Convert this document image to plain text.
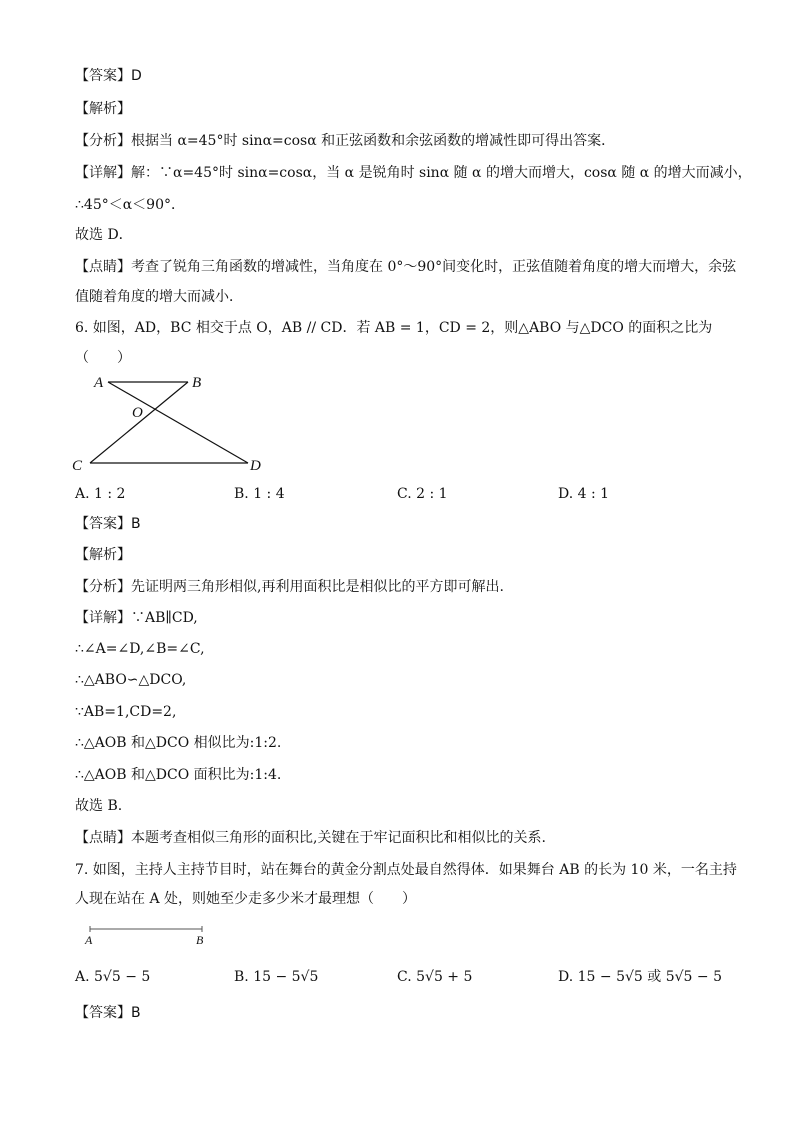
【答案】D
【解析】
【分析】根据当 α=45°时 sinα=cosα 和正弦函数和余弦函数的增减性即可得出答案．
【详解】解：∵α=45°时 sinα=cosα，当 α 是锐角时 sinα 随 α 的增大而增大，cosα 随 α 的增大而减小，
∴45°＜α＜90°．
故选 D．
【点睛】考查了锐角三角函数的增减性，当角度在 0°～90°间变化时，正弦值随着角度的增大而增大，余弦
值随着角度的增大而减小．
6. 如图，AD，BC 相交于点 O，AB // CD．若 AB = 1，CD = 2，则△ABO 与△DCO 的面积之比为
（　　）
A	B
O
C	D
A. 1 : 2	B. 1 : 4	C. 2 : 1	D. 4 : 1
【答案】B
【解析】
【分析】先证明两三角形相似,再利用面积比是相似比的平方即可解出.
【详解】∵AB∥CD,
∴∠A=∠D,∠B=∠C,
∴△ABO∽△DCO,
∵AB=1,CD=2,
∴△AOB 和△DCO 相似比为:1:2.
∴△AOB 和△DCO 面积比为:1:4.
故选 B.
【点睛】本题考查相似三角形的面积比,关键在于牢记面积比和相似比的关系.
7. 如图，主持人主持节目时，站在舞台的黄金分割点处最自然得体．如果舞台 AB 的长为 10 米，一名主持
人现在站在 A 处，则她至少走多少米才最理想（　　）
A	B
A. 5√5 − 5	B. 15 − 5√5	C. 5√5 + 5	D. 15 − 5√5 或 5√5 − 5
【答案】B
